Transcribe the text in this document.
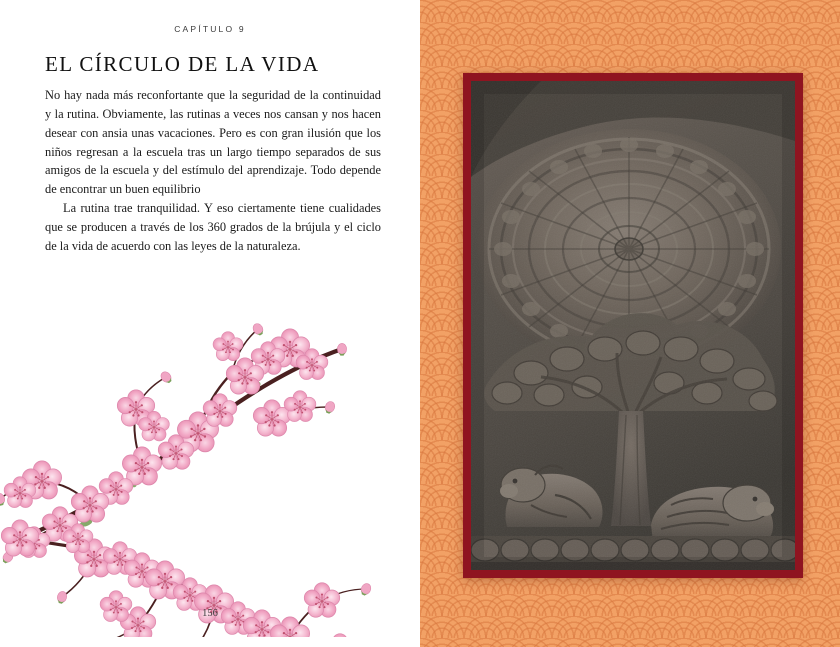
CAPÍTULO 9
EL CÍRCULO DE LA VIDA

No hay nada más reconfortante que la seguridad de la continuidad y la rutina. Obviamente, las rutinas a veces nos cansan y nos hacen desear con ansia unas vacaciones. Pero es con gran ilusión que los niños regresan a la escuela tras un largo tiempo separados de sus amigos de la escuela y del estímulo del aprendizaje. Todo depende de encontrar un buen equilibrio

La rutina trae tranquilidad. Y eso ciertamente tiene cualidades que se producen a través de los 360 grados de la brújula y el ciclo de la vida de acuerdo con las leyes de la naturaleza.

156
